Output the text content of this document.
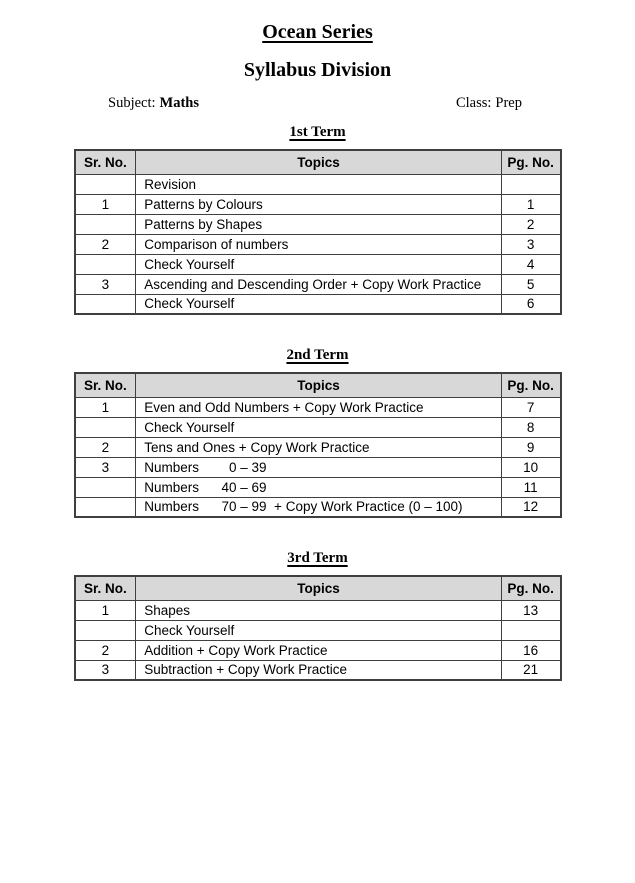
Ocean Series
Syllabus Division
Subject: Maths	Class: Prep
1st Term
Sr. No.	Topics	Pg. No.
	Revision	
1	Patterns by Colours	1
	Patterns by Shapes	2
2	Comparison of numbers	3
	Check Yourself	4
3	Ascending and Descending Order + Copy Work Practice	5
	Check Yourself	6
2nd Term
Sr. No.	Topics	Pg. No.
1	Even and Odd Numbers + Copy Work Practice	7
	Check Yourself	8
2	Tens and Ones + Copy Work Practice	9
3	Numbers        0 – 39	10
	Numbers      40 – 69	11
	Numbers      70 – 99  + Copy Work Practice (0 – 100)	12
3rd Term
Sr. No.	Topics	Pg. No.
1	Shapes	13
	Check Yourself	
2	Addition + Copy Work Practice	16
3	Subtraction + Copy Work Practice	21
